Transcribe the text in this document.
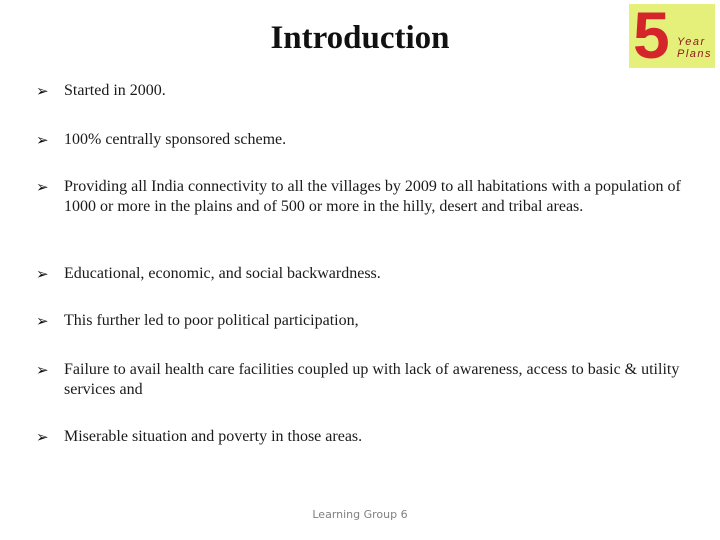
Introduction	5 Year
Plans
➢ Started in 2000.
➢ 100% centrally sponsored scheme.
➢ Providing all India connectivity to all the villages by 2009 to all habitations with a population of 1000 or more in the plains and of 500 or more in the hilly, desert and tribal areas.
➢ Educational, economic, and social backwardness.
➢ This further led to poor political participation,
➢ Failure to avail health care facilities coupled up with lack of awareness, access to basic & utility services and
➢ Miserable situation and poverty in those areas.
Learning Group 6
